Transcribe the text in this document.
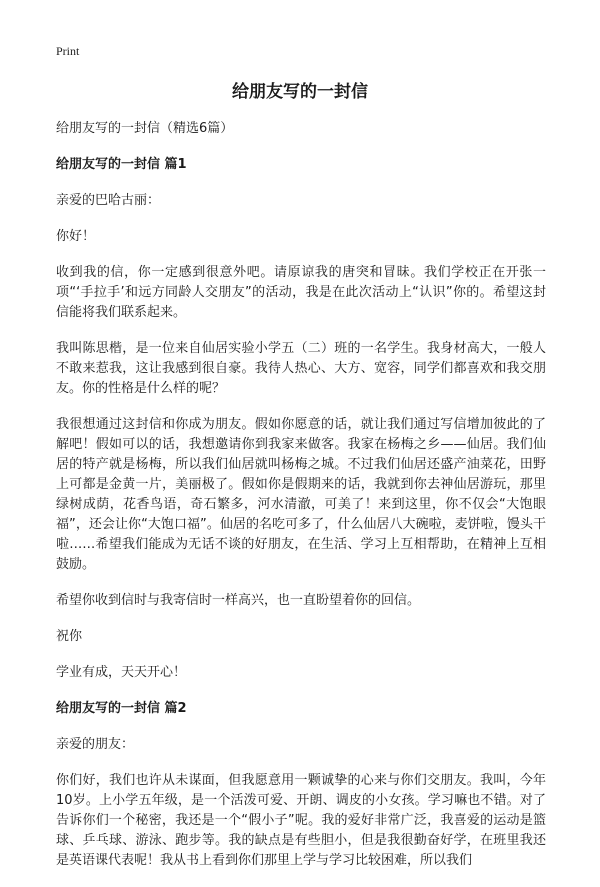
Print
给朋友写的一封信

给朋友写的一封信（精选6篇）

给朋友写的一封信 篇1

亲爱的巴哈古丽：

你好！

收到我的信，你一定感到很意外吧。请原谅我的唐突和冒昧。我们学校正在开张一项“‘手拉手’和远方同龄人交朋友”的活动，我是在此次活动上“认识”你的。希望这封信能将我们联系起来。

我叫陈思楷，是一位来自仙居实验小学五（二）班的一名学生。我身材高大，一般人不敢来惹我，这让我感到很自豪。我待人热心、大方、宽容，同学们都喜欢和我交朋友。你的性格是什么样的呢？

我很想通过这封信和你成为朋友。假如你愿意的话，就让我们通过写信增加彼此的了解吧！假如可以的话，我想邀请你到我家来做客。我家在杨梅之乡——仙居。我们仙居的特产就是杨梅，所以我们仙居就叫杨梅之城。不过我们仙居还盛产油菜花，田野上可都是金黄一片，美丽极了。假如你是假期来的话，我就到你去神仙居游玩，那里绿树成荫，花香鸟语，奇石繁多，河水清澈，可美了！来到这里，你不仅会“大饱眼福”，还会让你“大饱口福”。仙居的名吃可多了，什么仙居八大碗啦，麦饼啦，馒头干啦……希望我们能成为无话不谈的好朋友，在生活、学习上互相帮助，在精神上互相鼓励。

希望你收到信时与我寄信时一样高兴，也一直盼望着你的回信。

祝你

学业有成，天天开心！

给朋友写的一封信 篇2

亲爱的朋友：

你们好，我们也许从未谋面，但我愿意用一颗诚挚的心来与你们交朋友。我叫，今年10岁。上小学五年级，是一个活泼可爱、开朗、调皮的小女孩。学习嘛也不错。对了告诉你们一个秘密，我还是一个“假小子”呢。我的爱好非常广泛，我喜爱的运动是篮球、乒乓球、游泳、跑步等。我的缺点是有些胆小，但是我很勤奋好学，在班里我还是英语课代表呢！我从书上看到你们那里上学与学习比较困难，所以我们
